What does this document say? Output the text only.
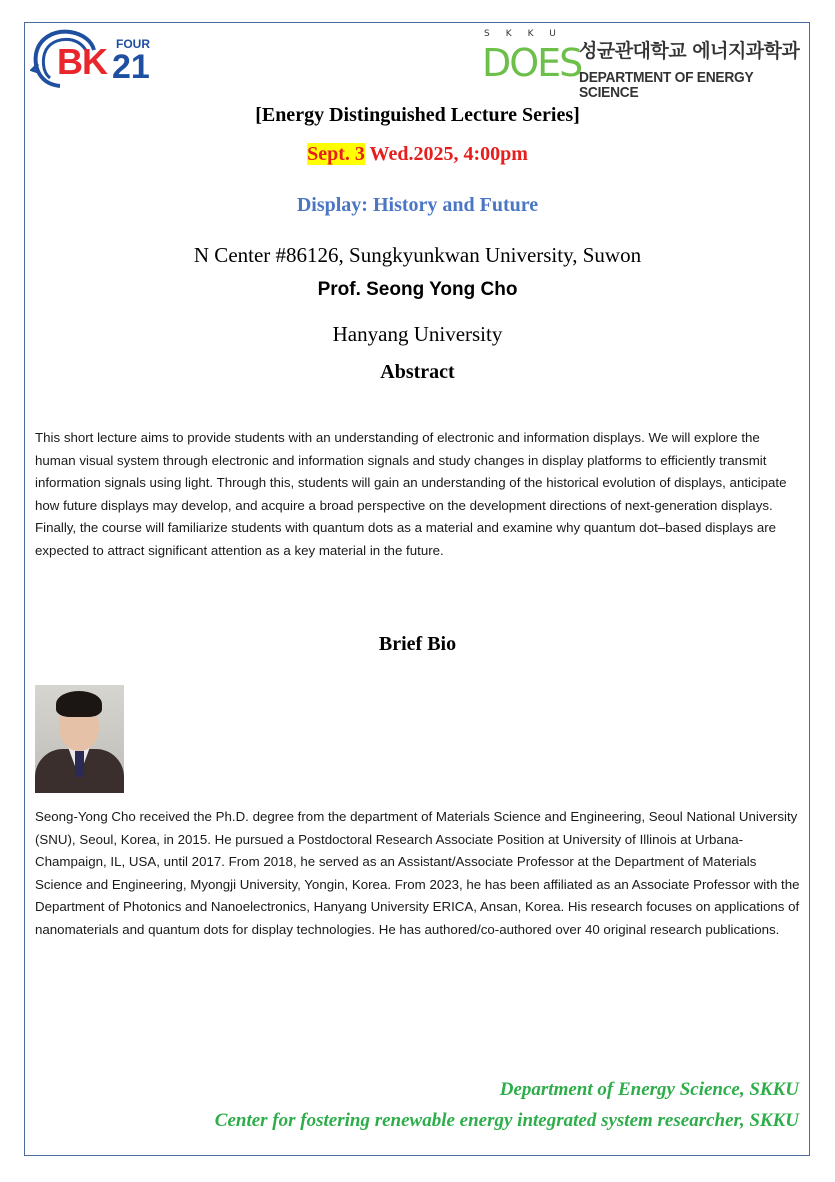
FOUR
BK 21
SKKU
DOES
성균관대학교 에너지과학과
DEPARTMENT OF ENERGY SCIENCE
[Energy Distinguished Lecture Series]
Sept. 3 Wed.2025, 4:00pm
Display: History and Future
N Center #86126, Sungkyunkwan University, Suwon
Prof. Seong Yong Cho
Hanyang University
Abstract

This short lecture aims to provide students with an understanding of electronic and information displays. We will explore the human visual system through electronic and information signals and study changes in display platforms to efficiently transmit information signals using light. Through this, students will gain an understanding of the historical evolution of displays, anticipate how future displays may develop, and acquire a broad perspective on the development directions of next-generation displays. Finally, the course will familiarize students with quantum dots as a material and examine why quantum dot–based displays are expected to attract significant attention as a key material in the future.

Brief Bio

Seong-Yong Cho received the Ph.D. degree from the department of Materials Science and Engineering, Seoul National University (SNU), Seoul, Korea, in 2015. He pursued a Postdoctoral Research Associate Position at University of Illinois at Urbana-Champaign, IL, USA, until 2017. From 2018, he served as an Assistant/Associate Professor at the Department of Materials Science and Engineering, Myongji University, Yongin, Korea. From 2023, he has been affiliated as an Associate Professor with the Department of Photonics and Nanoelectronics, Hanyang University ERICA, Ansan, Korea. His research focuses on applications of nanomaterials and quantum dots for display technologies. He has authored/co-authored over 40 original research publications.

Department of Energy Science, SKKU
Center for fostering renewable energy integrated system researcher, SKKU
